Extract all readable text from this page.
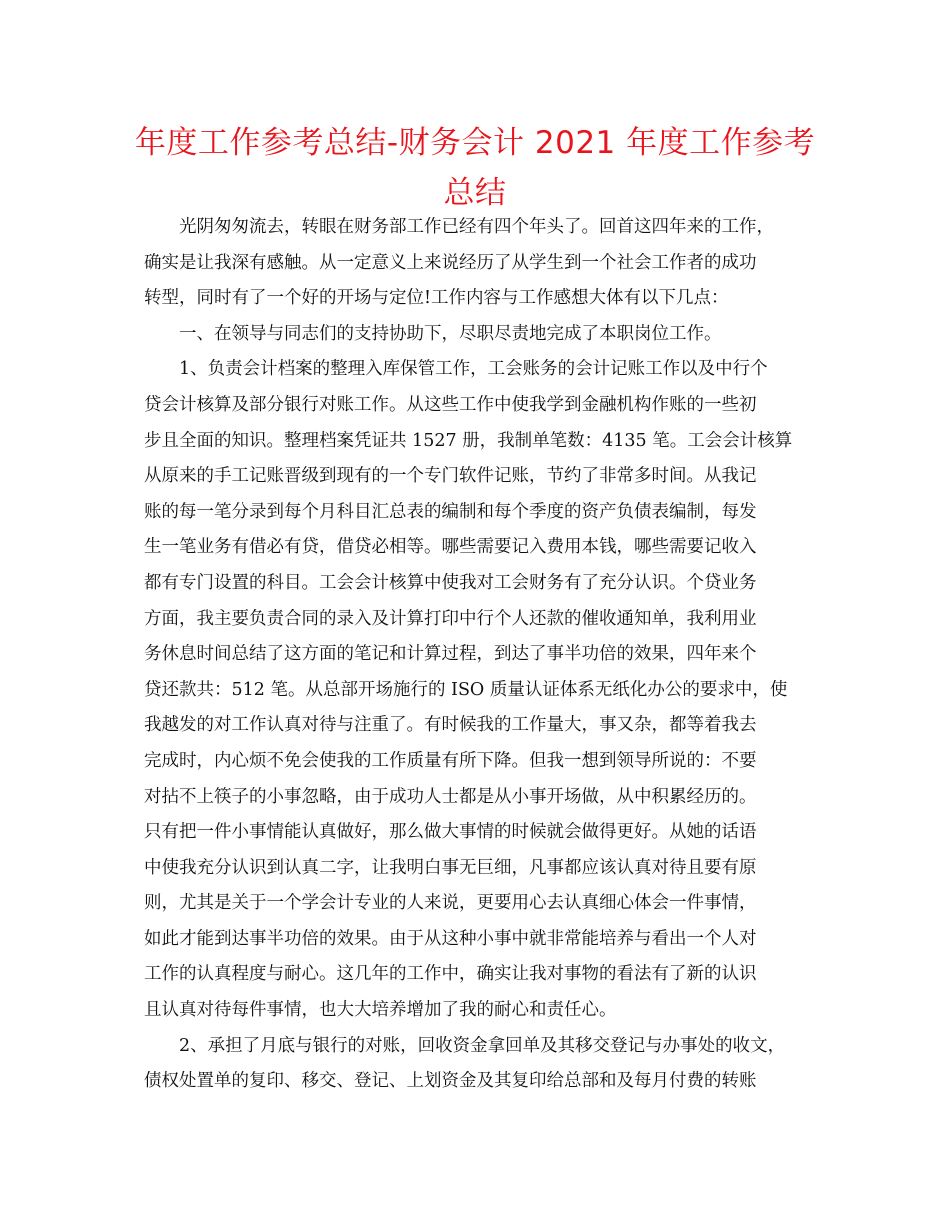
年度工作参考总结-财务会计 2021 年度工作参考
总结
光阴匆匆流去，转眼在财务部工作已经有四个年头了。回首这四年来的工作，
确实是让我深有感触。从一定意义上来说经历了从学生到一个社会工作者的成功
转型，同时有了一个好的开场与定位!工作内容与工作感想大体有以下几点：
一、在领导与同志们的支持协助下，尽职尽责地完成了本职岗位工作。
1、负责会计档案的整理入库保管工作，工会账务的会计记账工作以及中行个
贷会计核算及部分银行对账工作。从这些工作中使我学到金融机构作账的一些初
步且全面的知识。整理档案凭证共 1527 册，我制单笔数：4135 笔。工会会计核算
从原来的手工记账晋级到现有的一个专门软件记账，节约了非常多时间。从我记
账的每一笔分录到每个月科目汇总表的编制和每个季度的资产负债表编制，每发
生一笔业务有借必有贷，借贷必相等。哪些需要记入费用本钱，哪些需要记收入
都有专门设置的科目。工会会计核算中使我对工会财务有了充分认识。个贷业务
方面，我主要负责合同的录入及计算打印中行个人还款的催收通知单，我利用业
务休息时间总结了这方面的笔记和计算过程，到达了事半功倍的效果，四年来个
贷还款共：512 笔。从总部开场施行的 ISO 质量认证体系无纸化办公的要求中，使
我越发的对工作认真对待与注重了。有时候我的工作量大，事又杂，都等着我去
完成时，内心烦不免会使我的工作质量有所下降。但我一想到领导所说的：不要
对拈不上筷子的小事忽略，由于成功人士都是从小事开场做，从中积累经历的。
只有把一件小事情能认真做好，那么做大事情的时候就会做得更好。从她的话语
中使我充分认识到认真二字，让我明白事无巨细，凡事都应该认真对待且要有原
则，尤其是关于一个学会计专业的人来说，更要用心去认真细心体会一件事情，
如此才能到达事半功倍的效果。由于从这种小事中就非常能培养与看出一个人对
工作的认真程度与耐心。这几年的工作中，确实让我对事物的看法有了新的认识
且认真对待每件事情，也大大培养增加了我的耐心和责任心。
2、承担了月底与银行的对账，回收资金拿回单及其移交登记与办事处的收文，
债权处置单的复印、移交、登记、上划资金及其复印给总部和及每月付费的转账
